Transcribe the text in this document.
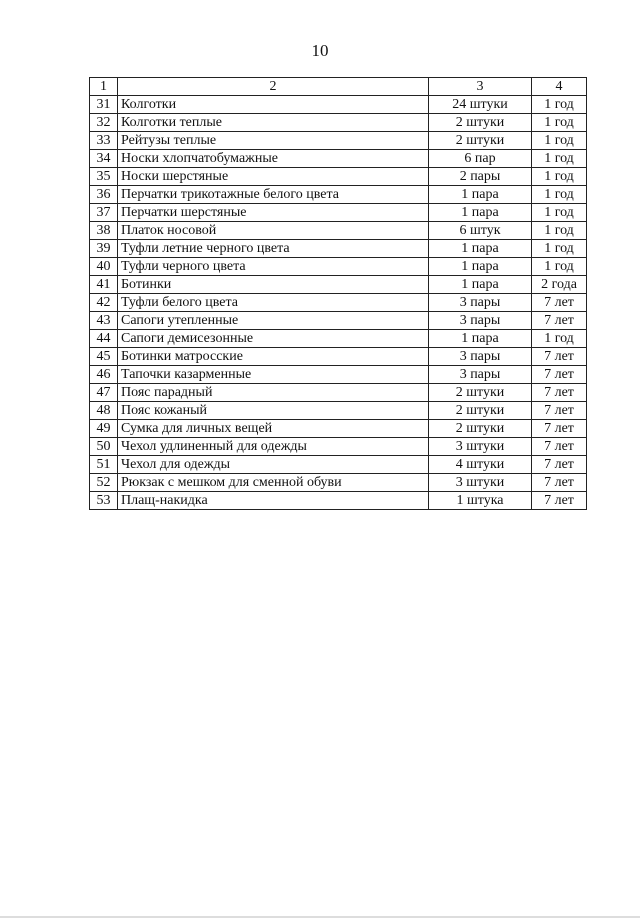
10
1	2	3	4
31	Колготки	24 штуки	1 год
32	Колготки теплые	2 штуки	1 год
33	Рейтузы теплые	2 штуки	1 год
34	Носки хлопчатобумажные	6 пар	1 год
35	Носки шерстяные	2 пары	1 год
36	Перчатки трикотажные белого цвета	1 пара	1 год
37	Перчатки шерстяные	1 пара	1 год
38	Платок носовой	6 штук	1 год
39	Туфли летние черного цвета	1 пара	1 год
40	Туфли черного цвета	1 пара	1 год
41	Ботинки	1 пара	2 года
42	Туфли белого цвета	3 пары	7 лет
43	Сапоги утепленные	3 пары	7 лет
44	Сапоги демисезонные	1 пара	1 год
45	Ботинки матросские	3 пары	7 лет
46	Тапочки казарменные	3 пары	7 лет
47	Пояс парадный	2 штуки	7 лет
48	Пояс кожаный	2 штуки	7 лет
49	Сумка для личных вещей	2 штуки	7 лет
50	Чехол удлиненный для одежды	3 штуки	7 лет
51	Чехол для одежды	4 штуки	7 лет
52	Рюкзак с мешком для сменной обуви	3 штуки	7 лет
53	Плащ-накидка	1 штука	7 лет
